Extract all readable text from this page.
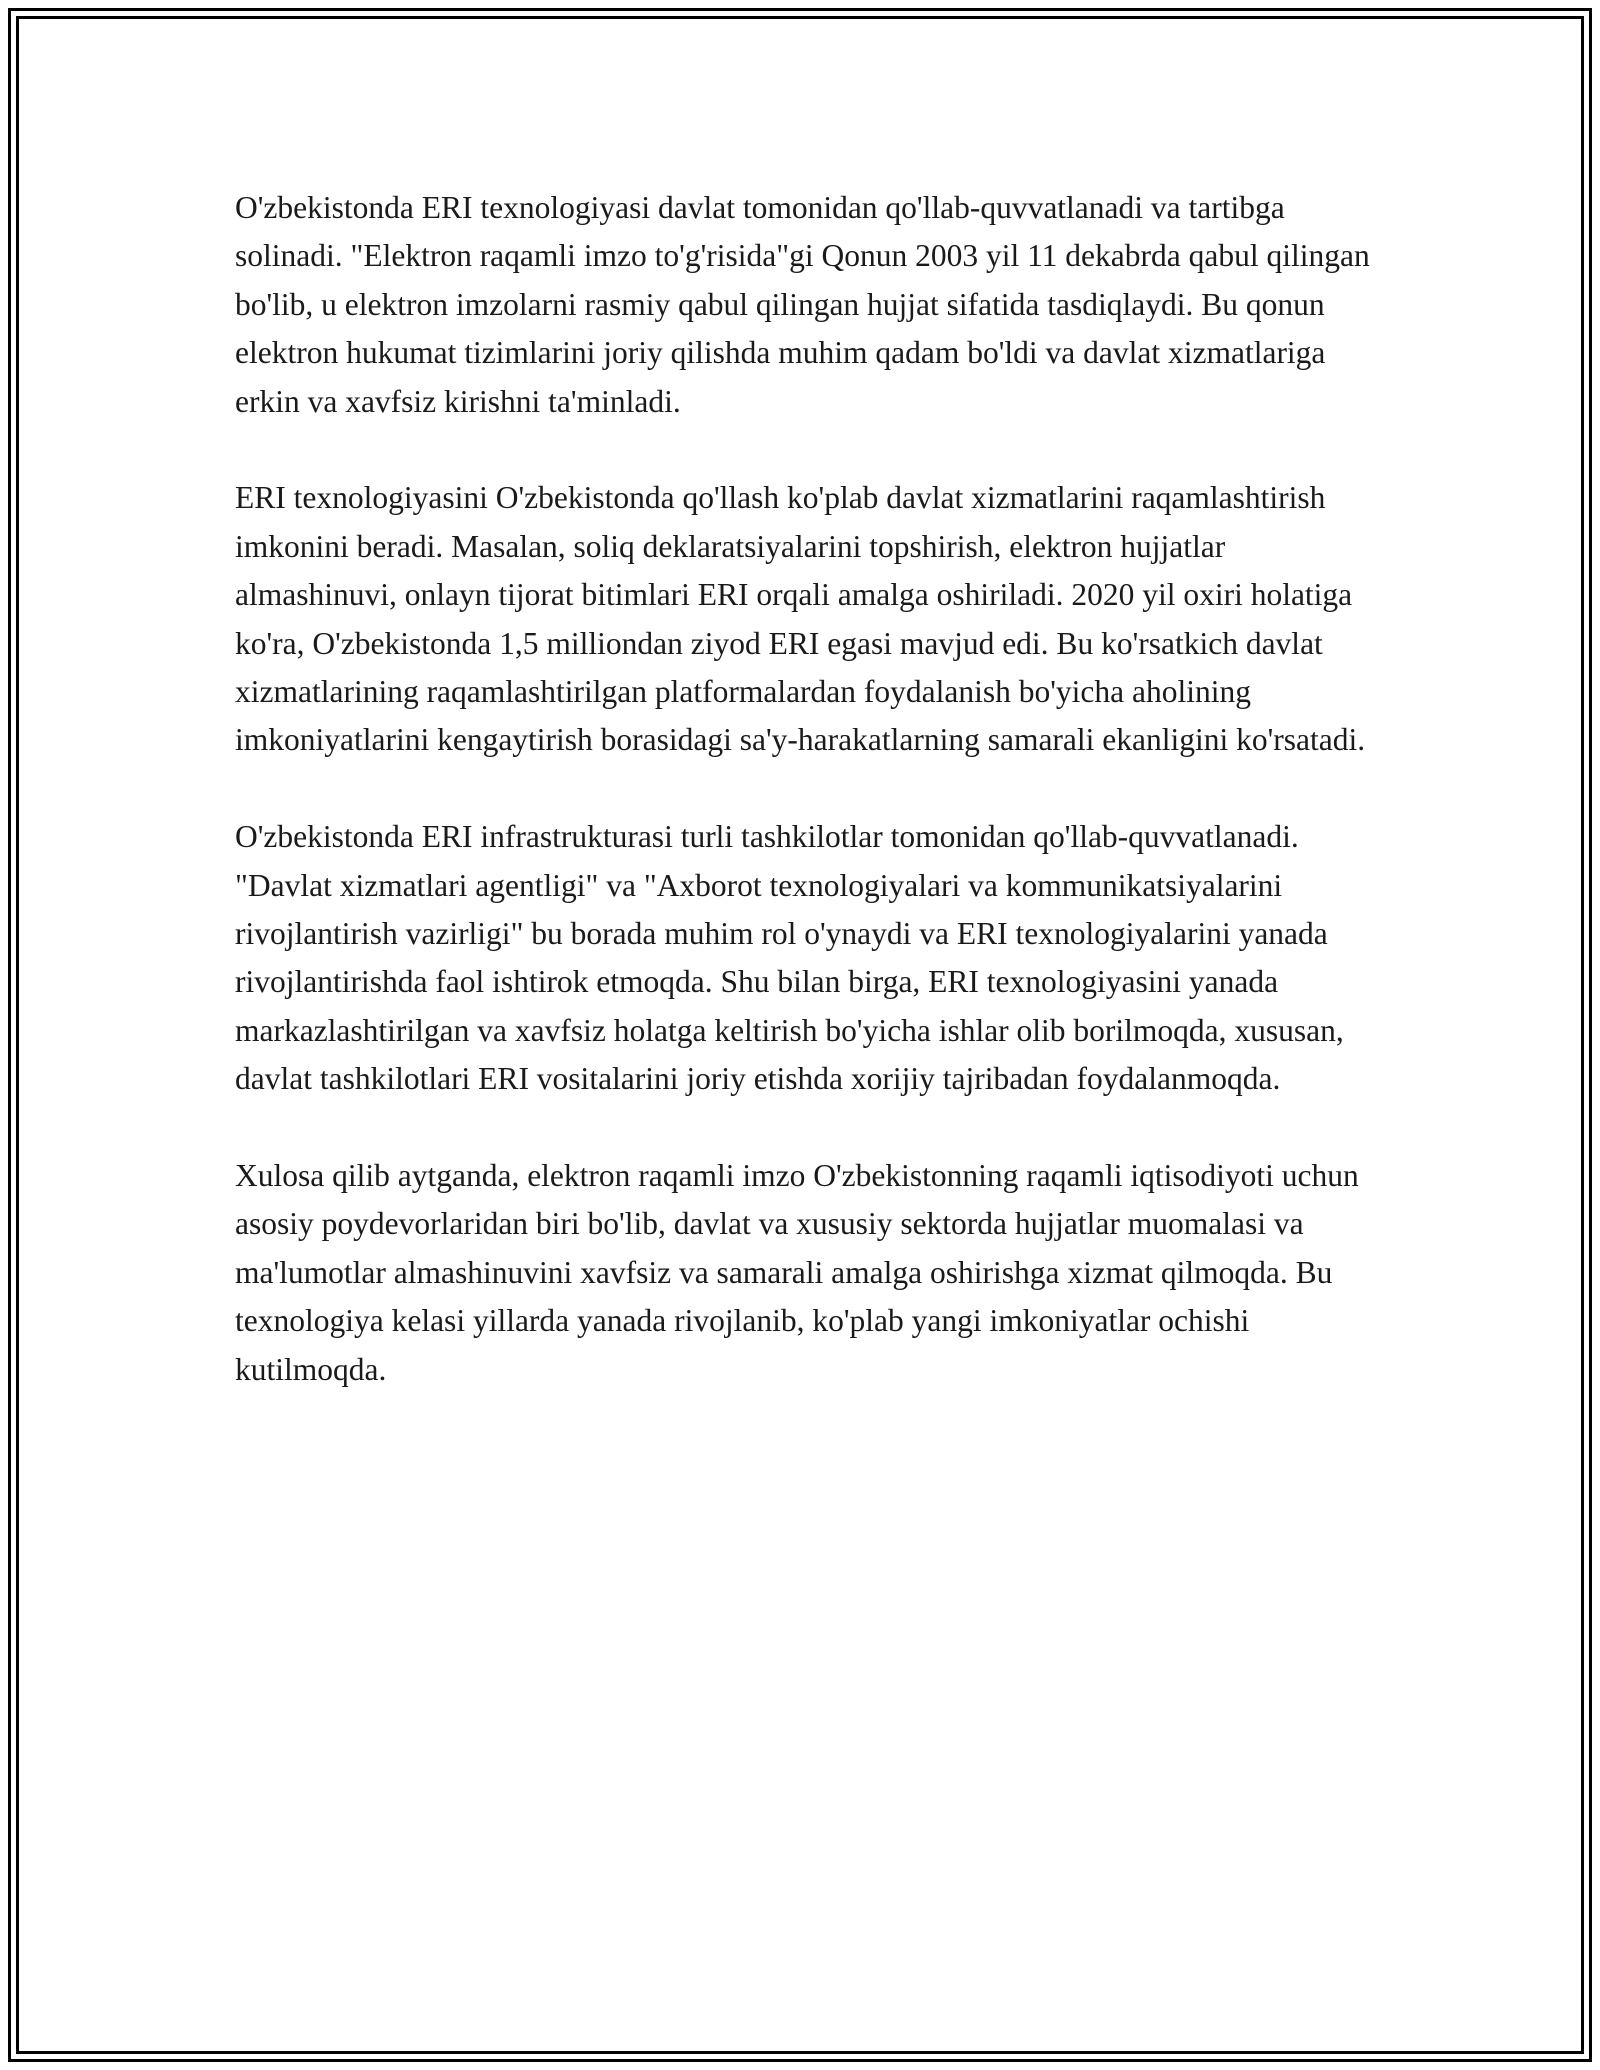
O'zbekistonda ERI texnologiyasi davlat tomonidan qo'llab-quvvatlanadi va tartibga solinadi. "Elektron raqamli imzo to'g'risida"gi Qonun 2003 yil 11 dekabrda qabul qilingan bo'lib, u elektron imzolarni rasmiy qabul qilingan hujjat sifatida tasdiqlaydi. Bu qonun elektron hukumat tizimlarini joriy qilishda muhim qadam bo'ldi va davlat xizmatlariga erkin va xavfsiz kirishni ta'minladi.

ERI texnologiyasini O'zbekistonda qo'llash ko'plab davlat xizmatlarini raqamlashtirish imkonini beradi. Masalan, soliq deklaratsiyalarini topshirish, elektron hujjatlar almashinuvi, onlayn tijorat bitimlari ERI orqali amalga oshiriladi. 2020 yil oxiri holatiga ko'ra, O'zbekistonda 1,5 milliondan ziyod ERI egasi mavjud edi. Bu ko'rsatkich davlat xizmatlarining raqamlashtirilgan platformalardan foydalanish bo'yicha aholining imkoniyatlarini kengaytirish borasidagi sa'y-harakatlarning samarali ekanligini ko'rsatadi.

O'zbekistonda ERI infrastrukturasi turli tashkilotlar tomonidan qo'llab-quvvatlanadi. "Davlat xizmatlari agentligi" va "Axborot texnologiyalari va kommunikatsiyalarini rivojlantirish vazirligi" bu borada muhim rol o'ynaydi va ERI texnologiyalarini yanada rivojlantirishda faol ishtirok etmoqda. Shu bilan birga, ERI texnologiyasini yanada markazlashtirilgan va xavfsiz holatga keltirish bo'yicha ishlar olib borilmoqda, xususan, davlat tashkilotlari ERI vositalarini joriy etishda xorijiy tajribadan foydalanmoqda.

Xulosa qilib aytganda, elektron raqamli imzo O'zbekistonning raqamli iqtisodiyoti uchun asosiy poydevorlaridan biri bo'lib, davlat va xususiy sektorda hujjatlar muomalasi va ma'lumotlar almashinuvini xavfsiz va samarali amalga oshirishga xizmat qilmoqda. Bu texnologiya kelasi yillarda yanada rivojlanib, ko'plab yangi imkoniyatlar ochishi kutilmoqda.
